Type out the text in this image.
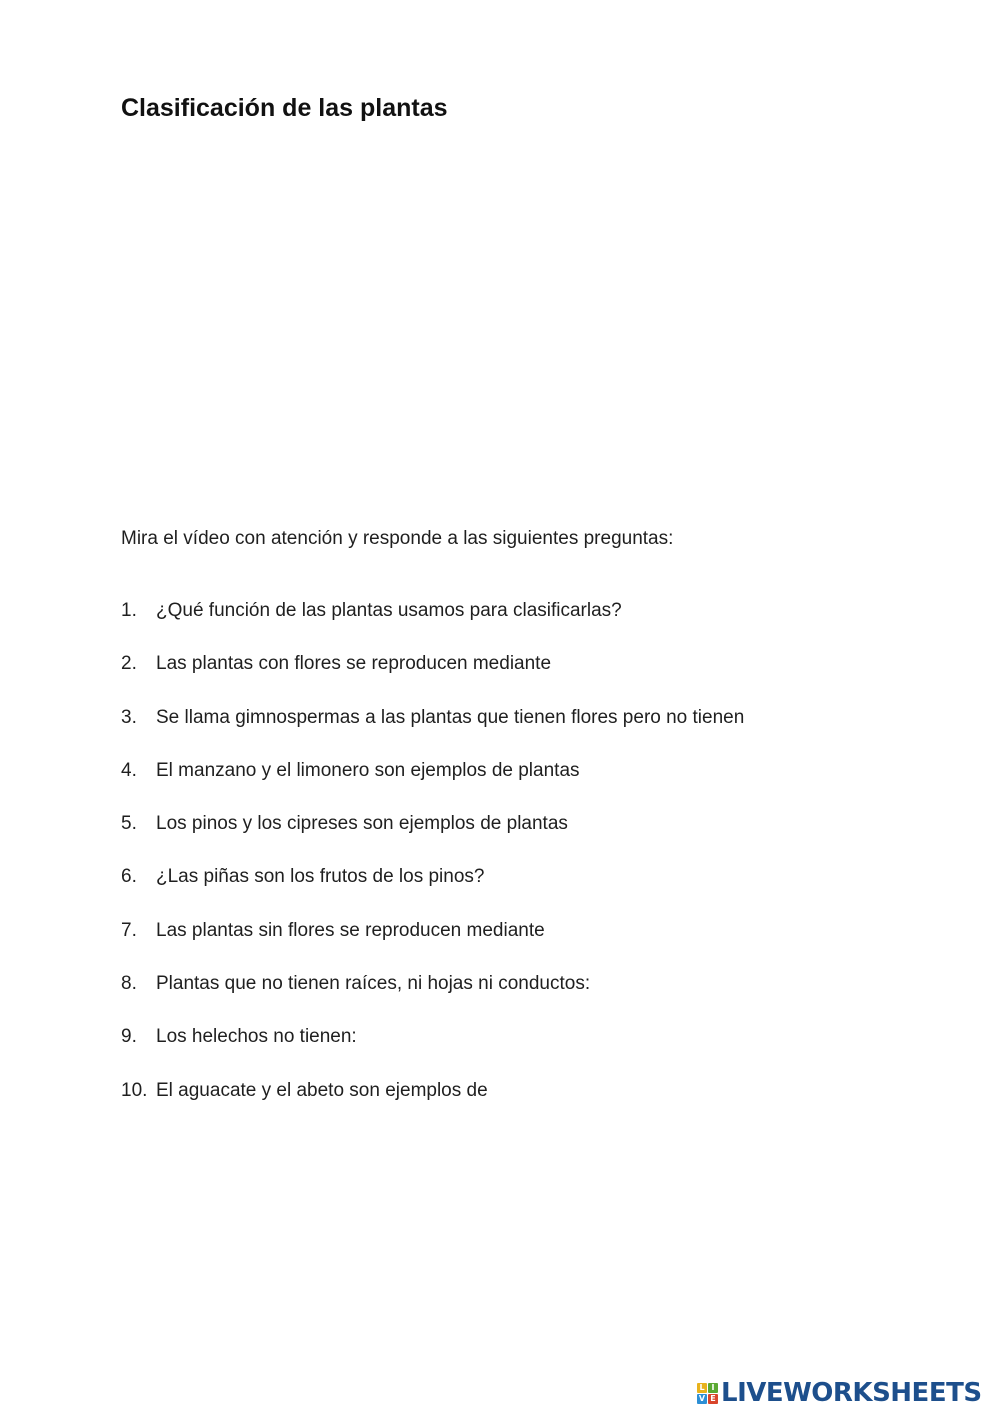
Clasificación de las plantas

Mira el vídeo con atención y responde a las siguientes preguntas:

1.	¿Qué función de las plantas usamos para clasificarlas?
2.	Las plantas con flores se reproducen mediante
3.	Se llama gimnospermas a las plantas que tienen flores pero no tienen
4.	El manzano y el limonero son ejemplos de plantas
5.	Los pinos y los cipreses son ejemplos de plantas
6.	¿Las piñas son los frutos de los pinos?
7.	Las plantas sin flores se reproducen mediante
8.	Plantas que no tienen raíces, ni hojas ni conductos:
9.	Los helechos no tienen:
10. El aguacate y el abeto son ejemplos de
L I
V E LIVEWORKSHEETS
